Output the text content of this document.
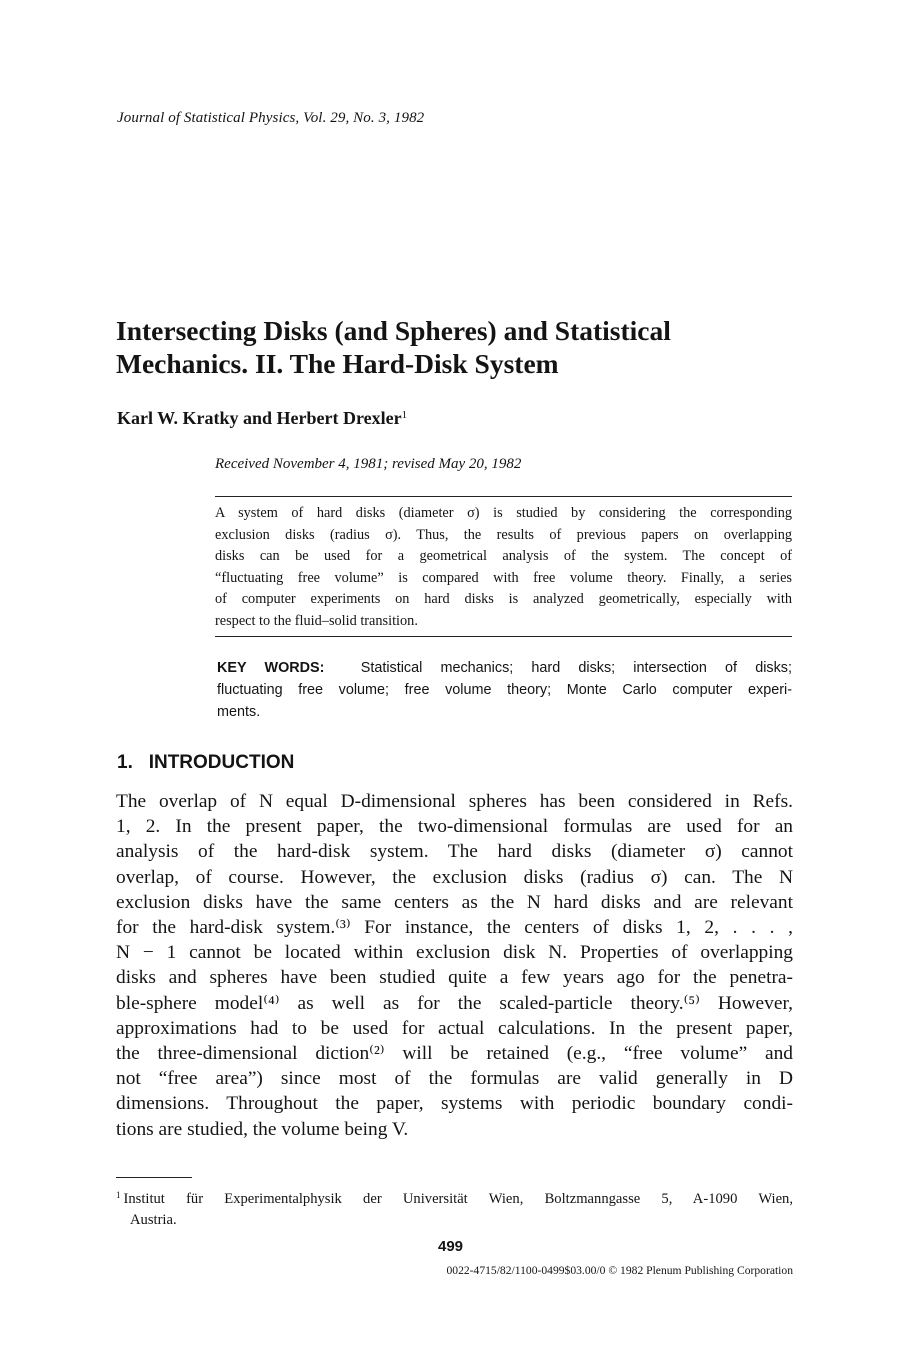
Journal of Statistical Physics, Vol. 29, No. 3, 1982
Intersecting Disks (and Spheres) and Statistical
Mechanics. II. The Hard-Disk System
Karl W. Kratky and Herbert Drexler$^1$
Received November 4, 1981; revised May 20, 1982
A system of hard disks (diameter σ) is studied by considering the corresponding
exclusion disks (radius σ). Thus, the results of previous papers on overlapping
disks can be used for a geometrical analysis of the system. The concept of
“fluctuating free volume” is compared with free volume theory. Finally, a series
of computer experiments on hard disks is analyzed geometrically, especially with
respect to the fluid–solid transition.
KEY WORDS:	Statistical mechanics; hard disks; intersection of disks;
fluctuating free volume; free volume theory; Monte Carlo computer experi-
ments.
1. INTRODUCTION
The overlap of N equal D-dimensional spheres has been considered in Refs.
1, 2. In the present paper, the two-dimensional formulas are used for an
analysis of the hard-disk system. The hard disks (diameter σ) cannot
overlap, of course. However, the exclusion disks (radius σ) can. The N
exclusion disks have the same centers as the N hard disks and are relevant
for the hard-disk system.⁽³⁾ For instance, the centers of disks 1, 2, . . . ,
N − 1 cannot be located within exclusion disk N. Properties of overlapping
disks and spheres have been studied quite a few years ago for the penetra-
ble-sphere model⁽⁴⁾ as well as for the scaled-particle theory.⁽⁵⁾ However,
approximations had to be used for actual calculations. In the present paper,
the three-dimensional diction⁽²⁾ will be retained (e.g., “free volume” and
not “free area”) since most of the formulas are valid generally in D
dimensions. Throughout the paper, systems with periodic boundary condi-
tions are studied, the volume being V.
$^1$ Institut für Experimentalphysik der Universität Wien, Boltzmanngasse 5, A-1090 Wien,
Austria.
499
0022-4715/82/1100-0499$03.00/0 © 1982 Plenum Publishing Corporation
